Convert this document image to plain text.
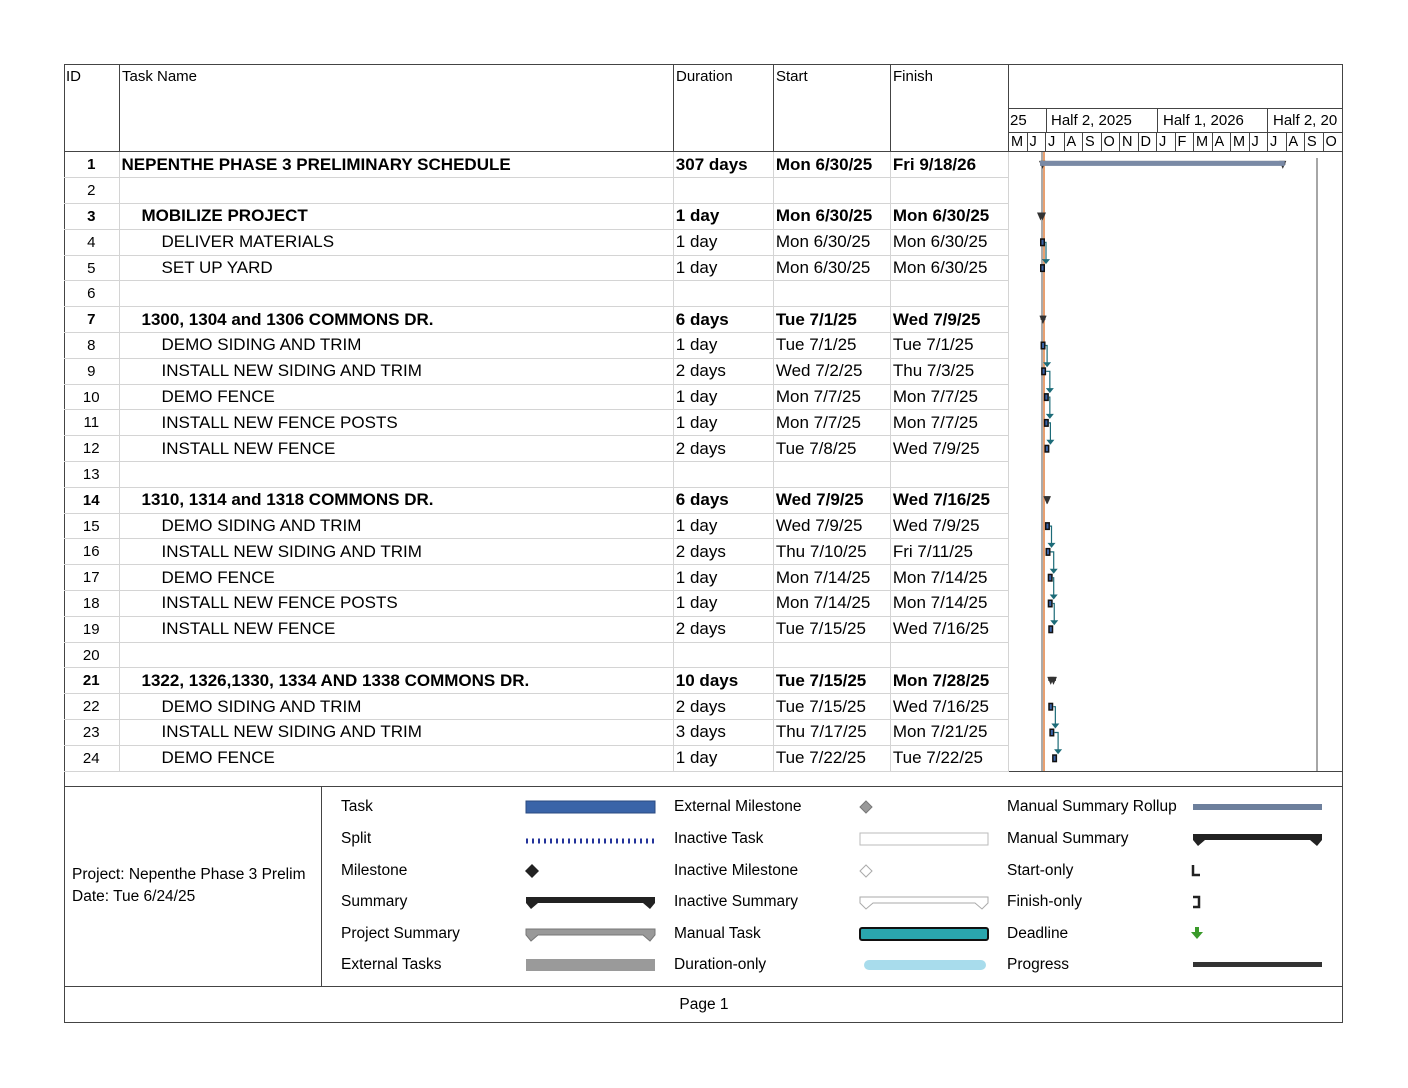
ID	Task Name	Duration	Start	Finish
25 Half 2, 2025 Half 1, 2026 Half 2, 20
M J J A S O N D J F M A M J J A S O
1	NEPENTHE PHASE 3 PRELIMINARY SCHEDULE	307 days	Mon 6/30/25	Fri 9/18/26
2				
3	MOBILIZE PROJECT	1 day	Mon 6/30/25	Mon 6/30/25
4	DELIVER MATERIALS	1 day	Mon 6/30/25	Mon 6/30/25
5	SET UP YARD	1 day	Mon 6/30/25	Mon 6/30/25
6				
7	1300, 1304 and 1306 COMMONS DR.	6 days	Tue 7/1/25	Wed 7/9/25
8	DEMO SIDING AND TRIM	1 day	Tue 7/1/25	Tue 7/1/25
9	INSTALL NEW SIDING AND TRIM	2 days	Wed 7/2/25	Thu 7/3/25
10	DEMO FENCE	1 day	Mon 7/7/25	Mon 7/7/25
11	INSTALL NEW FENCE POSTS	1 day	Mon 7/7/25	Mon 7/7/25
12	INSTALL NEW FENCE	2 days	Tue 7/8/25	Wed 7/9/25
13				
14	1310, 1314 and 1318 COMMONS DR.	6 days	Wed 7/9/25	Wed 7/16/25
15	DEMO SIDING AND TRIM	1 day	Wed 7/9/25	Wed 7/9/25
16	INSTALL NEW SIDING AND TRIM	2 days	Thu 7/10/25	Fri 7/11/25
17	DEMO FENCE	1 day	Mon 7/14/25	Mon 7/14/25
18	INSTALL NEW FENCE POSTS	1 day	Mon 7/14/25	Mon 7/14/25
19	INSTALL NEW FENCE	2 days	Tue 7/15/25	Wed 7/16/25
20				
21	1322, 1326,1330, 1334 AND 1338 COMMONS DR.	10 days	Tue 7/15/25	Mon 7/28/25
22	DEMO SIDING AND TRIM	2 days	Tue 7/15/25	Wed 7/16/25
23	INSTALL NEW SIDING AND TRIM	3 days	Thu 7/17/25	Mon 7/21/25
24	DEMO FENCE	1 day	Tue 7/22/25	Tue 7/22/25
Project: Nepenthe Phase 3 Prelim
Date: Tue 6/24/25
Task
Split
Milestone
Summary
Project Summary
External Tasks
External Milestone
Inactive Task
Inactive Milestone
Inactive Summary
Manual Task
Duration-only
Manual Summary Rollup
Manual Summary
Start-only
Finish-only
Deadline
Progress
Page 1
